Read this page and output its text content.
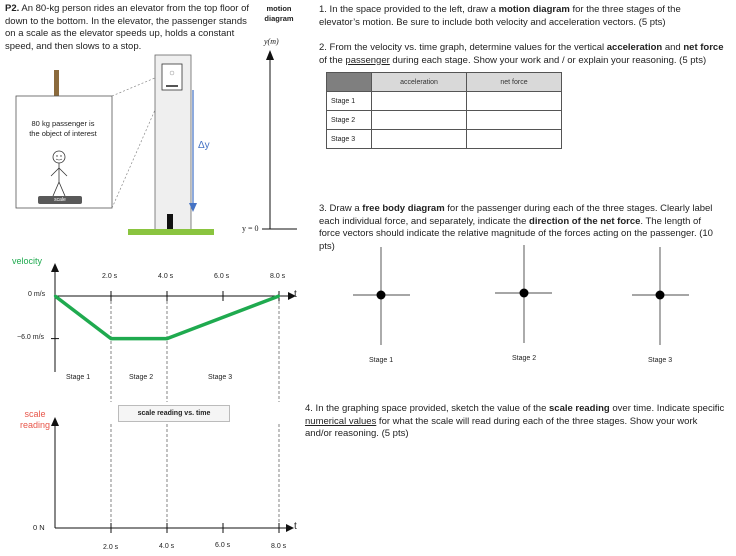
P2. An 80-kg person rides an elevator from the top floor of down to the bottom. In the elevator, the passenger stands on a scale as the elevator speeds up, holds a constant speed, and then slows to a stop.
80 kg passenger is
the object of interest
scale
Δy
motion
diagram
y(m)
y = 0
velocity
0 m/s
−6.0 m/s
t
2.0 s	4.0 s	6.0 s	8.0 s
Stage 1	Stage 2	Stage 3
scale
reading
scale reading vs. time
0 N	t
2.0 s	4.0 s	6.0 s	8.0 s
1. In the space provided to the left, draw a motion diagram for the three stages of the elevator’s motion. Be sure to include both velocity and acceleration vectors. (5 pts)
2. From the velocity vs. time graph, determine values for the vertical acceleration and net force of the passenger during each stage. Show your work and / or explain your reasoning. (5 pts)
	acceleration	net force
Stage 1		
Stage 2		
Stage 3		
3. Draw a free body diagram for the passenger during each of the three stages. Clearly label each individual force, and separately, indicate the direction of the net force. The length of force vectors should indicate the relative magnitude of the forces acting on the passenger. (10 pts)
Stage 1	Stage 2	Stage 3
4. In the graphing space provided, sketch the value of the scale reading over time. Indicate specific numerical values for what the scale will read during each of the three stages. Show your work and/or reasoning. (5 pts)
